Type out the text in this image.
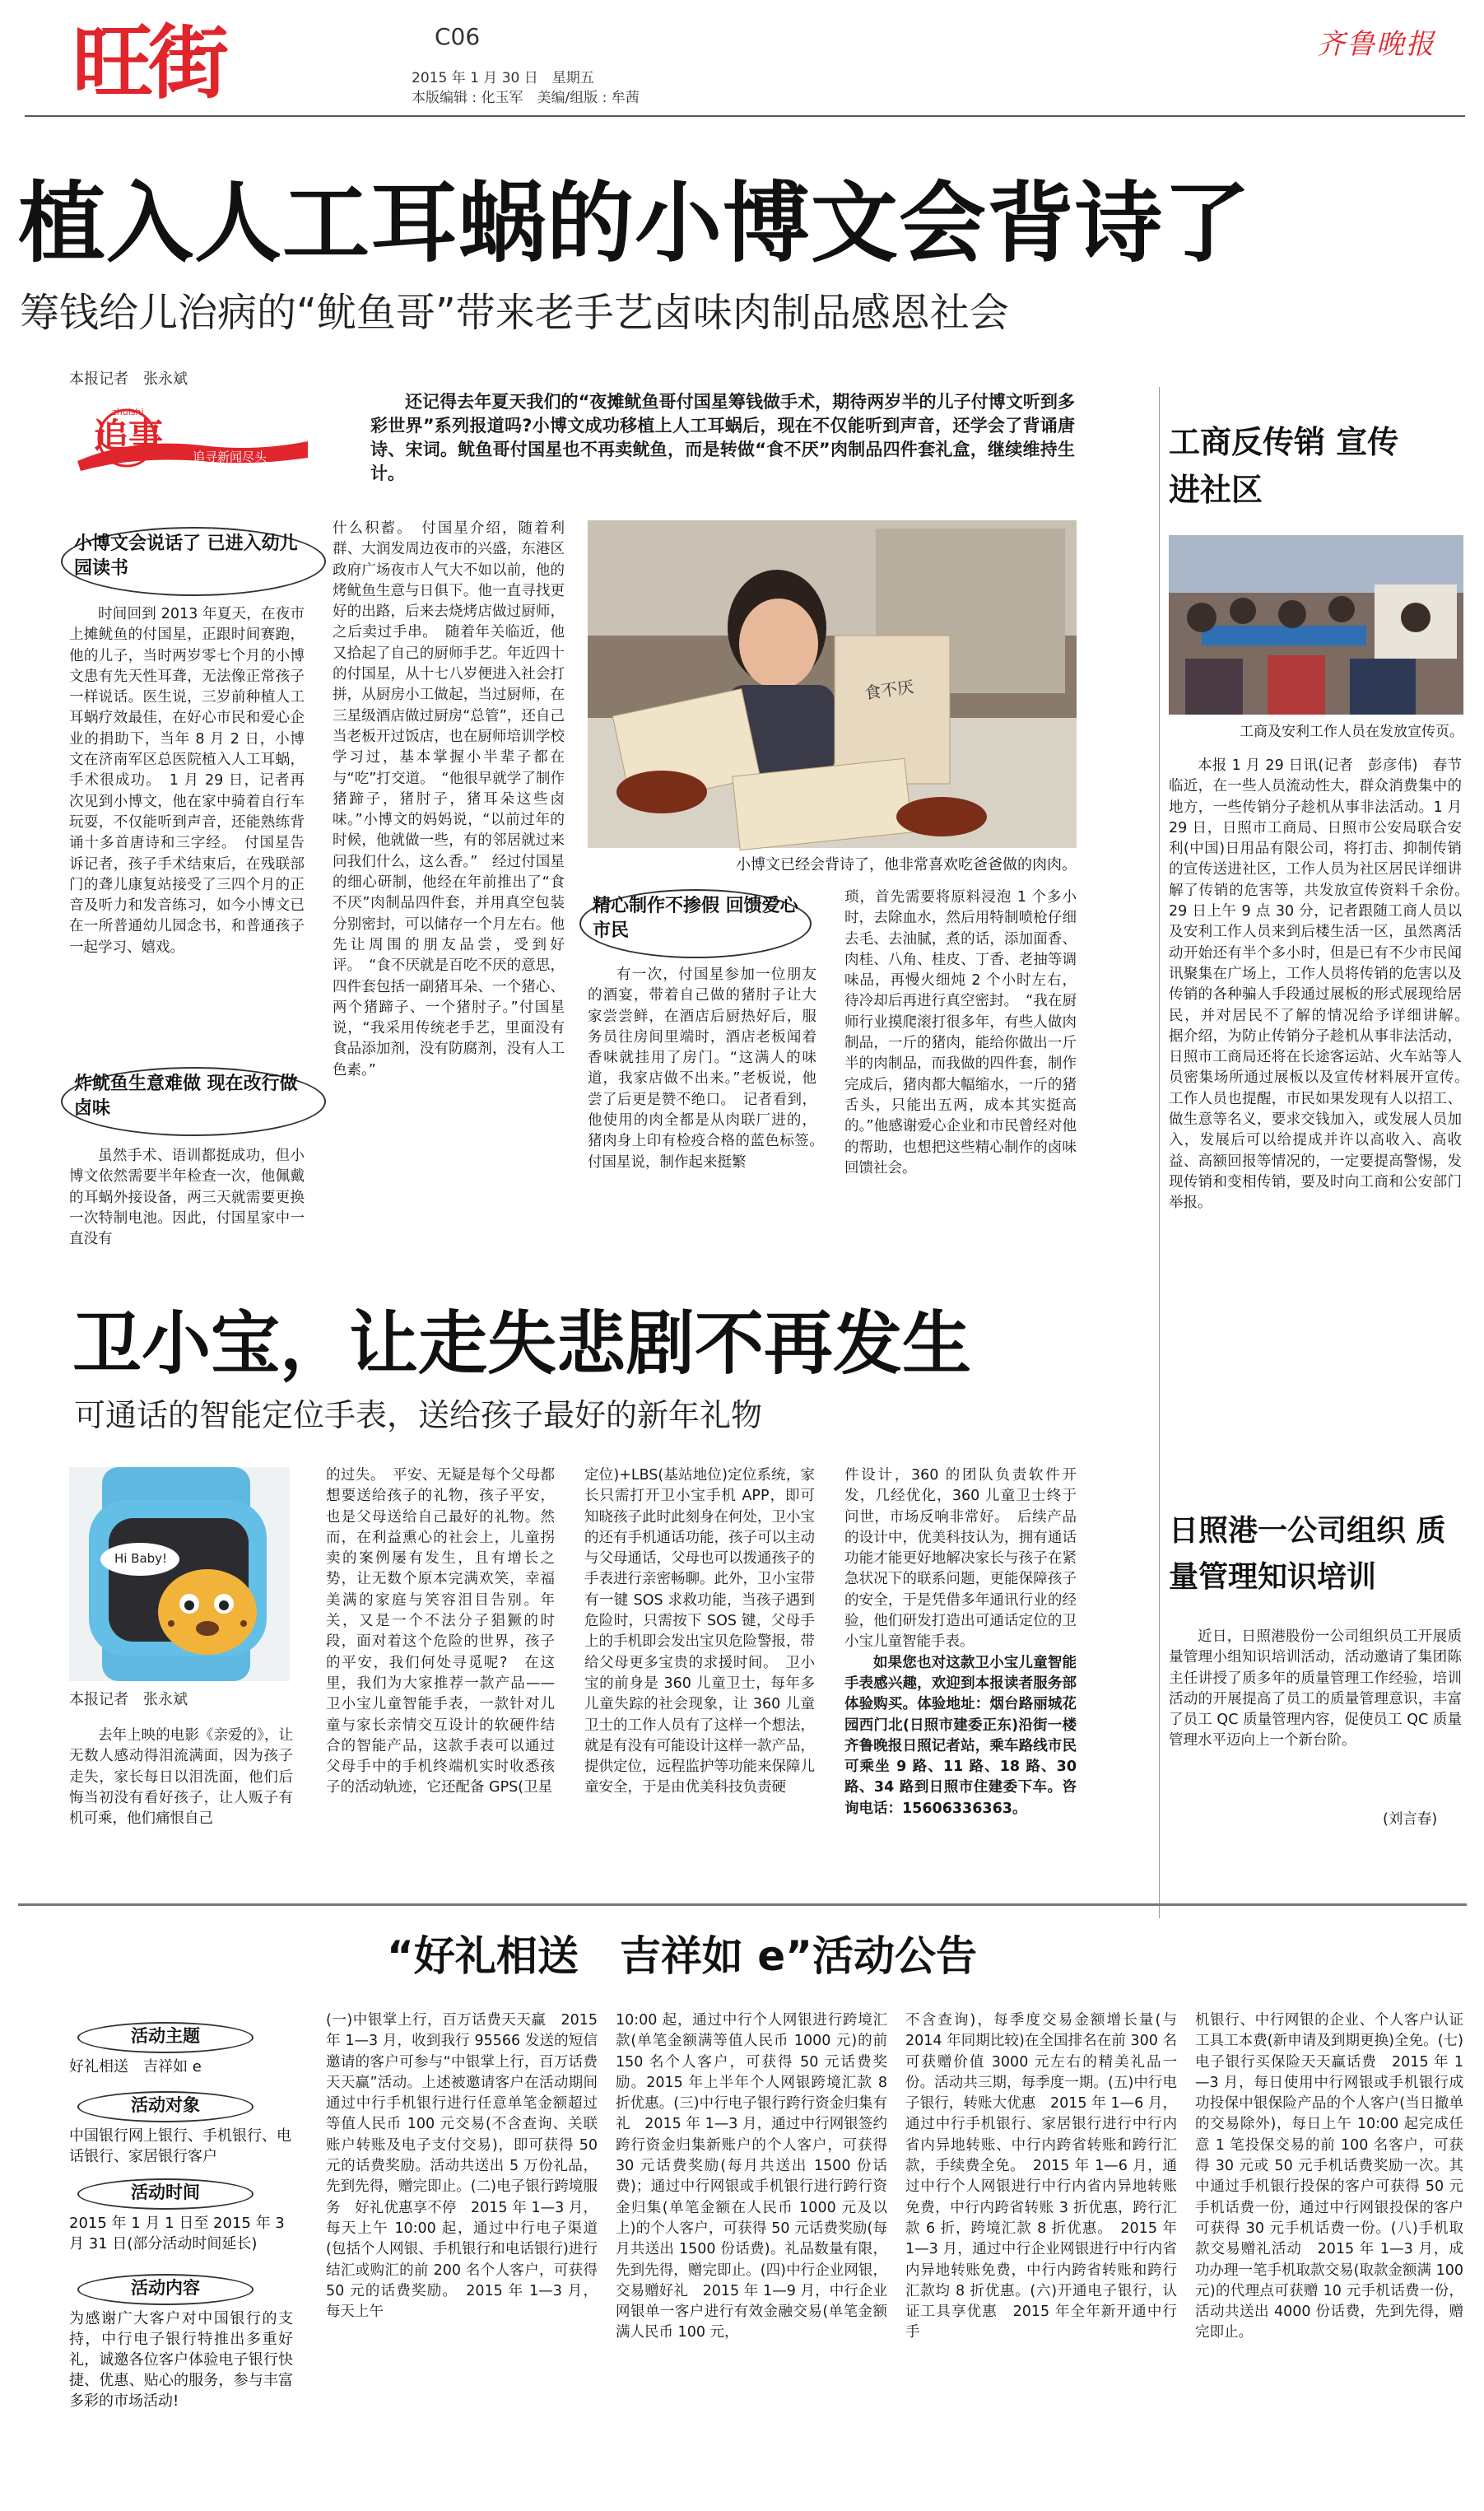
旺街	C06
2015 年 1 月 30 日　星期五
本版编辑 : 化玉军　美编/组版 : 牟茜
齐鲁晚报
植入人工耳蜗的小博文会背诗了
筹钱给儿治病的“鱿鱼哥”带来老手艺卤味肉制品感恩社会
本报记者　张永斌
zhuishi
追事
追寻新闻尽头

还记得去年夏天我们的“夜摊鱿鱼哥付国星筹钱做手术，期待两岁半的儿子付博文听到多彩世界”系列报道吗?小博文成功移植上人工耳蜗后，现在不仅能听到声音，还学会了背诵唐诗、宋词。鱿鱼哥付国星也不再卖鱿鱼，而是转做“食不厌”肉制品四件套礼盒，继续维持生计。

小博文会说话了 已进入幼儿园读书

时间回到 2013 年夏天，在夜市上摊鱿鱼的付国星，正跟时间赛跑，他的儿子，当时两岁零七个月的小博文患有先天性耳聋，无法像正常孩子一样说话。医生说，三岁前种植人工耳蜗疗效最佳，在好心市民和爱心企业的捐助下，当年 8 月 2 日，小博文在济南军区总医院植入人工耳蜗，手术很成功。　1 月 29 日，记者再次见到小博文，他在家中骑着自行车玩耍，不仅能听到声音，还能熟练背诵十多首唐诗和三字经。　付国星告诉记者，孩子手术结束后，在残联部门的聋儿康复站接受了三四个月的正音及听力和发音练习，如今小博文已在一所普通幼儿园念书，和普通孩子一起学习、嬉戏。

炸鱿鱼生意难做 现在改行做卤味

虽然手术、语训都挺成功，但小博文依然需要半年检查一次，他佩戴的耳蜗外接设备，两三天就需要更换一次特制电池。因此，付国星家中一直没有

什么积蓄。　付国星介绍，随着利群、大润发周边夜市的兴盛，东港区政府广场夜市人气大不如以前，他的烤鱿鱼生意与日俱下。他一直寻找更好的出路，后来去烧烤店做过厨师，之后卖过手串。　随着年关临近，他又拾起了自己的厨师手艺。年近四十的付国星，从十七八岁便进入社会打拼，从厨房小工做起，当过厨师，在三星级酒店做过厨房“总管”，还自己当老板开过饭店，也在厨师培训学校学习过，基本掌握小半辈子都在与“吃”打交道。　“他很早就学了制作猪蹄子，猪肘子，猪耳朵这些卤味。”小博文的妈妈说，“以前过年的时候，他就做一些，有的邻居就过来问我们什么，这么香。”　经过付国星的细心研制，他经在年前推出了“食不厌”肉制品四件套，并用真空包装分别密封，可以储存一个月左右。他先让周围的朋友品尝，受到好评。　“食不厌就是百吃不厌的意思，四件套包括一副猪耳朵、一个猪心、两个猪蹄子、一个猪肘子。”付国星说，“我采用传统老手艺，里面没有食品添加剂，没有防腐剂，没有人工色素。”

食不厌
小博文已经会背诗了，他非常喜欢吃爸爸做的肉肉。
精心制作不掺假 回馈爱心市民

有一次，付国星参加一位朋友的酒宴，带着自己做的猪肘子让大家尝尝鲜，在酒店后厨热好后，服务员往房间里端时，酒店老板闻着香味就挂用了房门。“这满人的味道，我家店做不出来。”老板说，他尝了后更是赞不绝口。　记者看到，他使用的肉全都是从肉联厂进的，猪肉身上印有检疫合格的蓝色标签。　付国星说，制作起来挺繁

琐，首先需要将原料浸泡 1 个多小时，去除血水，然后用特制喷枪仔细去毛、去油腻，煮的话，添加面香、肉桂、八角、桂皮、丁香、老抽等调味品，再慢火细炖 2 个小时左右，待冷却后再进行真空密封。　“我在厨师行业摸爬滚打很多年，有些人做肉制品，一斤的猪肉，能给你做出一斤半的肉制品，而我做的四件套，制作完成后，猪肉都大幅缩水，一斤的猪舌头，只能出五两，成本其实挺高的。”他感谢爱心企业和市民曾经对他的帮助，也想把这些精心制作的卤味回馈社会。

工商反传销 宣传进社区
工商及安利工作人员在发放宣传页。

本报 1 月 29 日讯(记者　彭彦伟)　春节临近，在一些人员流动性大，群众消费集中的地方，一些传销分子趁机从事非法活动。1 月 29 日，日照市工商局、日照市公安局联合安利(中国)日用品有限公司，将打击、抑制传销的宣传送进社区，工作人员为社区居民详细讲解了传销的危害等，共发放宣传资料千余份。　29 日上午 9 点 30 分，记者跟随工商人员以及安利工作人员来到后楼生活一区，虽然离活动开始还有半个多小时，但是已有不少市民闻讯聚集在广场上，工作人员将传销的危害以及传销的各种骗人手段通过展板的形式展现给居民，并对居民不了解的情况给予详细讲解。　据介绍，为防止传销分子趁机从事非法活动，日照市工商局还将在长途客运站、火车站等人员密集场所通过展板以及宣传材料展开宣传。　工作人员也提醒，市民如果发现有人以招工、做生意等名义，要求交钱加入，或发展人员加入，发展后可以给提成并许以高收入、高收益、高额回报等情况的，一定要提高警惕，发现传销和变相传销，要及时向工商和公安部门举报。

日照港一公司组织 质量管理知识培训

近日，日照港股份一公司组织员工开展质量管理小组知识培训活动，活动邀请了集团陈主任讲授了质多年的质量管理工作经验，培训活动的开展提高了员工的质量管理意识，丰富了员工 QC 质量管理内容，促使员工 QC 质量管理水平迈向上一个新台阶。

(刘言春)
卫小宝，让走失悲剧不再发生
可通话的智能定位手表，送给孩子最好的新年礼物
Hi Baby!
本报记者　张永斌

去年上映的电影《亲爱的》，让无数人感动得泪流满面，因为孩子走失，家长每日以泪洗面，他们后悔当初没有看好孩子，让人贩子有机可乘，他们痛恨自己

的过失。　平安、无疑是每个父母都想要送给孩子的礼物，孩子平安，也是父母送给自己最好的礼物。然而，在利益熏心的社会上，儿童拐卖的案例屡有发生，且有增长之势，让无数个原本完满欢笑，幸福美满的家庭与笑容泪目告别。年关，又是一个不法分子猖獗的时段，面对着这个危险的世界，孩子的平安，我们何处寻觅呢?　在这里，我们为大家推荐一款产品——卫小宝儿童智能手表，一款针对儿童与家长亲情交互设计的软硬件结合的智能产品，这款手表可以通过父母手中的手机终端机实时收悉孩子的活动轨迹，它还配备 GPS(卫星

定位)+LBS(基站地位)定位系统，家长只需打开卫小宝手机 APP，即可知晓孩子此时此刻身在何处，卫小宝的还有手机通话功能，孩子可以主动与父母通话，父母也可以拨通孩子的手表进行亲密畅聊。此外，卫小宝带有一键 SOS 求救功能，当孩子遇到危险时，只需按下 SOS 键，父母手上的手机即会发出宝贝危险警报，带给父母更多宝贵的求援时间。　卫小宝的前身是 360 儿童卫士，每年多儿童失踪的社会现象，让 360 儿童卫士的工作人员有了这样一个想法，就是有没有可能设计这样一款产品，提供定位，远程监护等功能来保障儿童安全，于是由优美科技负责硬

件设计，360 的团队负责软件开发，几经优化，360 儿童卫士终于问世，市场反响非常好。　后续产品的设计中，优美科技认为，拥有通话功能才能更好地解决家长与孩子在紧急状况下的联系问题，更能保障孩子的安全，于是凭借多年通讯行业的经验，他们研发打造出可通话定位的卫小宝儿童智能手表。

如果您也对这款卫小宝儿童智能手表感兴趣，欢迎到本报读者服务部体验购买。体验地址：烟台路丽城花园西门北(日照市建委正东)沿街一楼齐鲁晚报日照记者站，乘车路线市民可乘坐 9 路、11 路、18 路、30 路、34 路到日照市住建委下车。咨询电话：15606336363。

“好礼相送　吉祥如 e”活动公告
活动主题
好礼相送　吉祥如 e
活动对象
中国银行网上银行、手机银行、电话银行、家居银行客户
活动时间
2015 年 1 月 1 日至 2015 年 3 月 31 日(部分活动时间延长)
活动内容
为感谢广大客户对中国银行的支持，中行电子银行特推出多重好礼，诚邀各位客户体验电子银行快捷、优惠、贴心的服务，参与丰富多彩的市场活动!

(一)中银掌上行，百万话费天天赢　2015 年 1—3 月，收到我行 95566 发送的短信邀请的客户可参与“中银掌上行，百万话费天天赢”活动。上述被邀请客户在活动期间通过中行手机银行进行任意单笔金额超过等值人民币 100 元交易(不含查询、关联账户转账及电子支付交易)，即可获得 50 元的话费奖励。活动共送出 5 万份礼品，先到先得，赠完即止。(二)电子银行跨境服务　好礼优惠享不停　2015 年 1—3 月，每天上午 10:00 起，通过中行电子渠道(包括个人网银、手机银行和电话银行)进行结汇或购汇的前 200 名个人客户，可获得 50 元的话费奖励。　2015 年 1—3 月，每天上午

10:00 起，通过中行个人网银进行跨境汇款(单笔金额满等值人民币 1000 元)的前 150 名个人客户，可获得 50 元话费奖励。2015 年上半年个人网银跨境汇款 8 折优惠。(三)中行电子银行跨行资金归集有礼　2015 年 1—3 月，通过中行网银签约跨行资金归集新账户的个人客户，可获得 30 元话费奖励(每月共送出 1500 份话费)；通过中行网银或手机银行进行跨行资金归集(单笔金额在人民币 1000 元及以上)的个人客户，可获得 50 元话费奖励(每月共送出 1500 份话费)。礼品数量有限，先到先得，赠完即止。(四)中行企业网银，交易赠好礼　2015 年 1—9 月，中行企业网银单一客户进行有效金融交易(单笔金额满人民币 100 元，

不含查询)，每季度交易金额增长量(与 2014 年同期比较)在全国排名在前 300 名可获赠价值 3000 元左右的精美礼品一份。活动共三期，每季度一期。(五)中行电子银行，转账大优惠　2015 年 1—6 月，通过中行手机银行、家居银行进行中行内省内异地转账、中行内跨省转账和跨行汇款，手续费全免。　2015 年 1—6 月，通过中行个人网银进行中行内省内异地转账免费，中行内跨省转账 3 折优惠，跨行汇款 6 折，跨境汇款 8 折优惠。　2015 年 1—3 月，通过中行企业网银进行中行内省内异地转账免费，中行内跨省转账和跨行汇款均 8 折优惠。(六)开通电子银行，认证工具享优惠　2015 年全年新开通中行手

机银行、中行网银的企业、个人客户认证工具工本费(新申请及到期更换)全免。(七)电子银行买保险天天赢话费　2015 年 1—3 月，每日使用中行网银或手机银行成功投保中银保险产品的个人客户(当日撤单的交易除外)，每日上午 10:00 起完成任意 1 笔投保交易的前 100 名客户，可获得 30 元或 50 元手机话费奖励一次。其中通过手机银行投保的客户可获得 50 元手机话费一份，通过中行网银投保的客户可获得 30 元手机话费一份。(八)手机取款交易赠礼活动　2015 年 1—3 月，成功办理一笔手机取款交易(取款金额满 100 元)的代理点可获赠 10 元手机话费一份，活动共送出 4000 份话费，先到先得，赠完即止。
